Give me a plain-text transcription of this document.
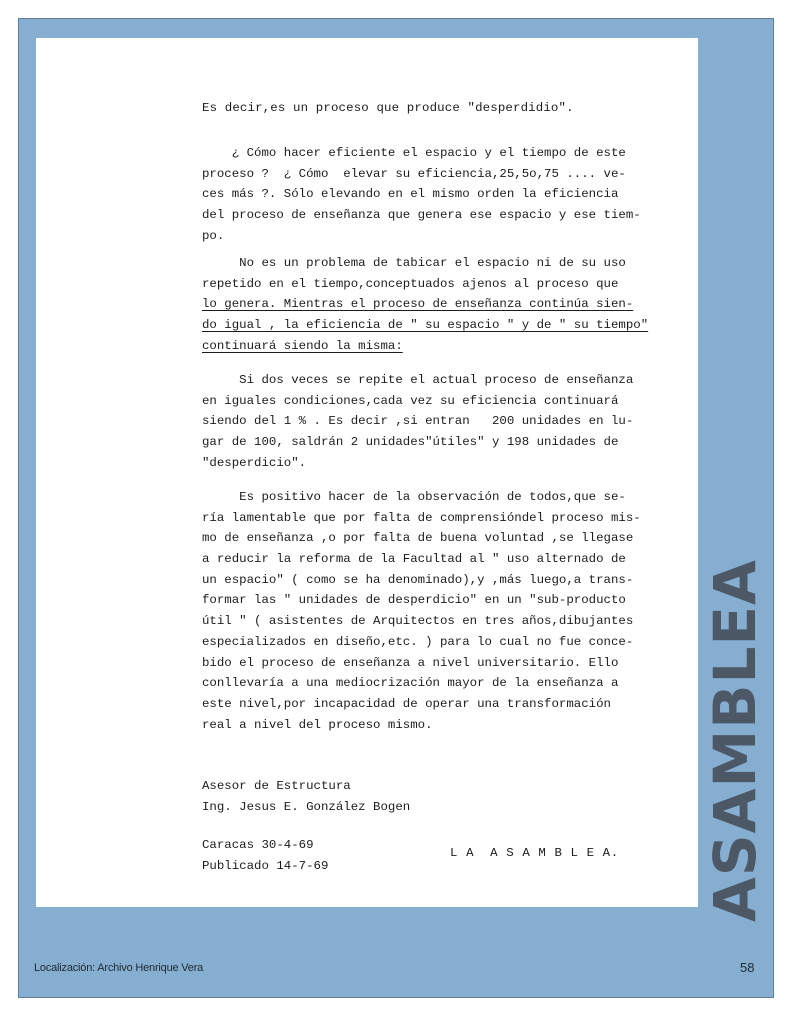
Es decir,es un proceso que produce "desperdidio".
¿ Cómo hacer eficiente el espacio y el tiempo de este
proceso ?  ¿ Cómo  elevar su eficiencia,25,5o,75 .... ve-
ces más ?. Sólo elevando en el mismo orden la eficiencia
del proceso de enseñanza que genera ese espacio y ese tiem-
po.
No es un problema de tabicar el espacio ni de su uso
repetido en el tiempo,conceptuados ajenos al proceso que
lo genera. Mientras el proceso de enseñanza continúa sien-
do igual , la eficiencia de " su espacio " y de " su tiempo"
continuará siendo la misma:
Si dos veces se repite el actual proceso de enseñanza
en iguales condiciones,cada vez su eficiencia continuará
siendo del 1 % . Es decir ,si entran   200 unidades en lu-
gar de 100, saldrán 2 unidades"útiles" y 198 unidades de
"desperdicio".
Es positivo hacer de la observación de todos,que se-
ría lamentable que por falta de comprensióndel proceso mis-
mo de enseñanza ,o por falta de buena voluntad ,se llegase
a reducir la reforma de la Facultad al " uso alternado de
un espacio" ( como se ha denominado),y ,más luego,a trans-
formar las " unidades de desperdicio" en un "sub-producto
útil " ( asistentes de Arquitectos en tres años,dibujantes
especializados en diseño,etc. ) para lo cual no fue conce-
bido el proceso de enseñanza a nivel universitario. Ello
conllevaría a una mediocrización mayor de la enseñanza a
este nivel,por incapacidad de operar una transformación
real a nivel del proceso mismo.
Asesor de Estructura
Ing. Jesus E. González Bogen
Caracas 30-4-69
Publicado 14-7-69
L A  A S A M B L E A. ASAMBLEA
Localización: Archivo Henrique Vera	58
